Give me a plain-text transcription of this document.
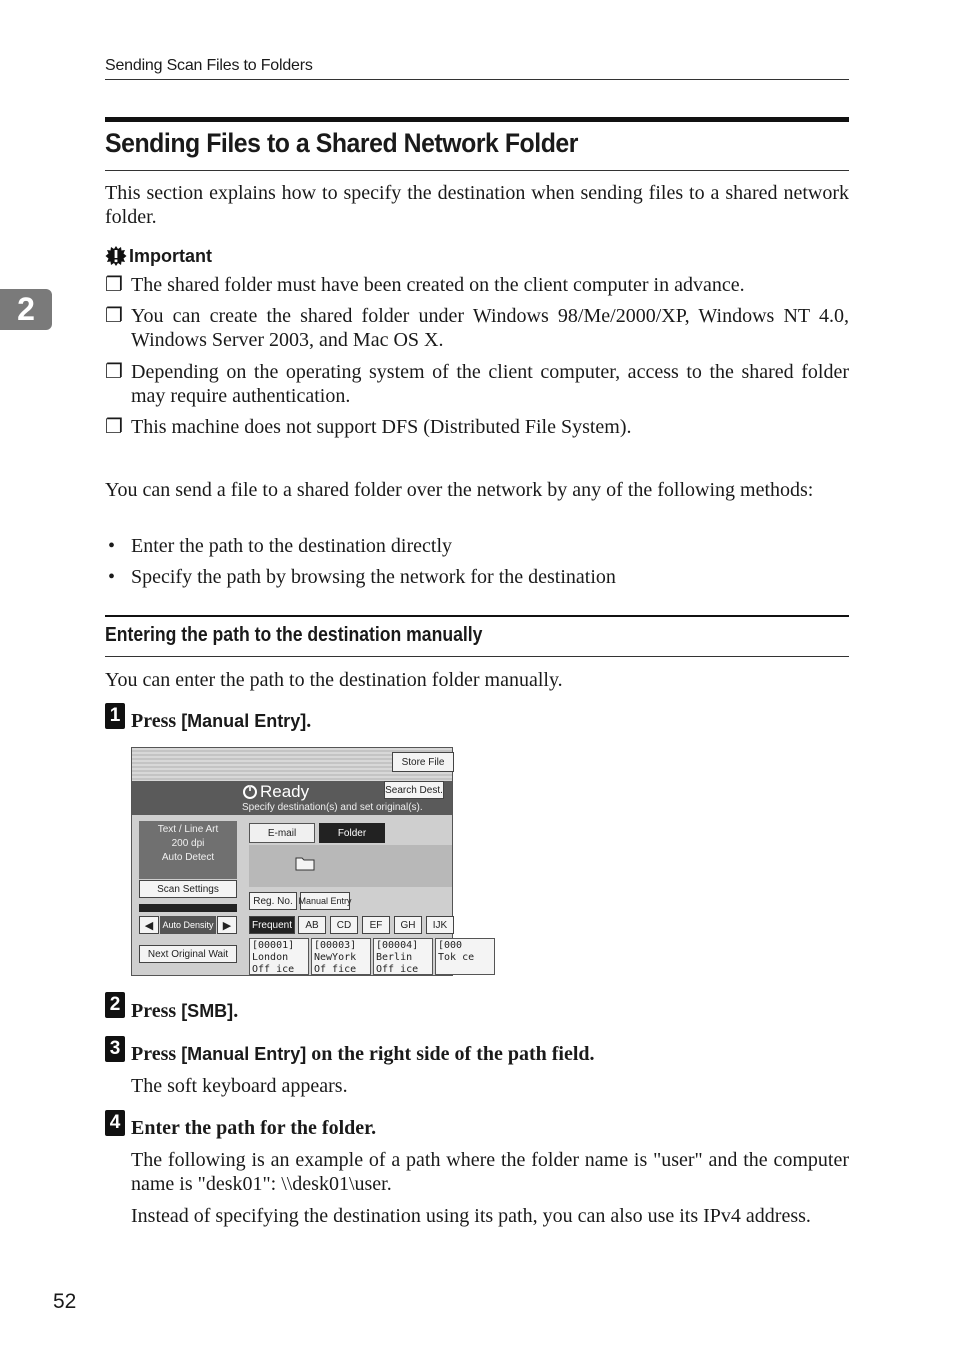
Sending Scan Files to Folders
2
Sending Files to a Shared Network Folder
This section explains how to specify the destination when sending files to a shared network folder.
Important
❐ The shared folder must have been created on the client computer in advance.
❐ You can create the shared folder under Windows 98/Me/2000/XP, Windows NT 4.0, Windows Server 2003, and Mac OS X.
❐ Depending on the operating system of the client computer, access to the shared folder may require authentication.
❐ This machine does not support DFS (Distributed File System).
You can send a file to a shared folder over the network by any of the following methods:
• Enter the path to the destination directly
• Specify the path by browsing the network for the destination
Entering the path to the destination manually
You can enter the path to the destination folder manually.
1 Press [Manual Entry].
Store File
Ready
Specify destination(s) and set original(s).
Search Dest.
Text / Line Art
200 dpi
Auto Detect
Scan Settings
◀	Auto Density ▶
Next Original Wait
E-mail	Folder
Reg. No. Manual Entry
Frequent	AB	CD	EF	GH	IJK
[00001]
London Off ice
[00003]
NewYork Of fice
[00004]
Berlin Off ice
[000
Tok ce
2 Press [SMB].
3 Press [Manual Entry] on the right side of the path field.
The soft keyboard appears.
4 Enter the path for the folder.
The following is an example of a path where the folder name is "user" and the computer name is "desk01": \\desk01\user.
Instead of specifying the destination using its path, you can also use its IPv4 address.
52
